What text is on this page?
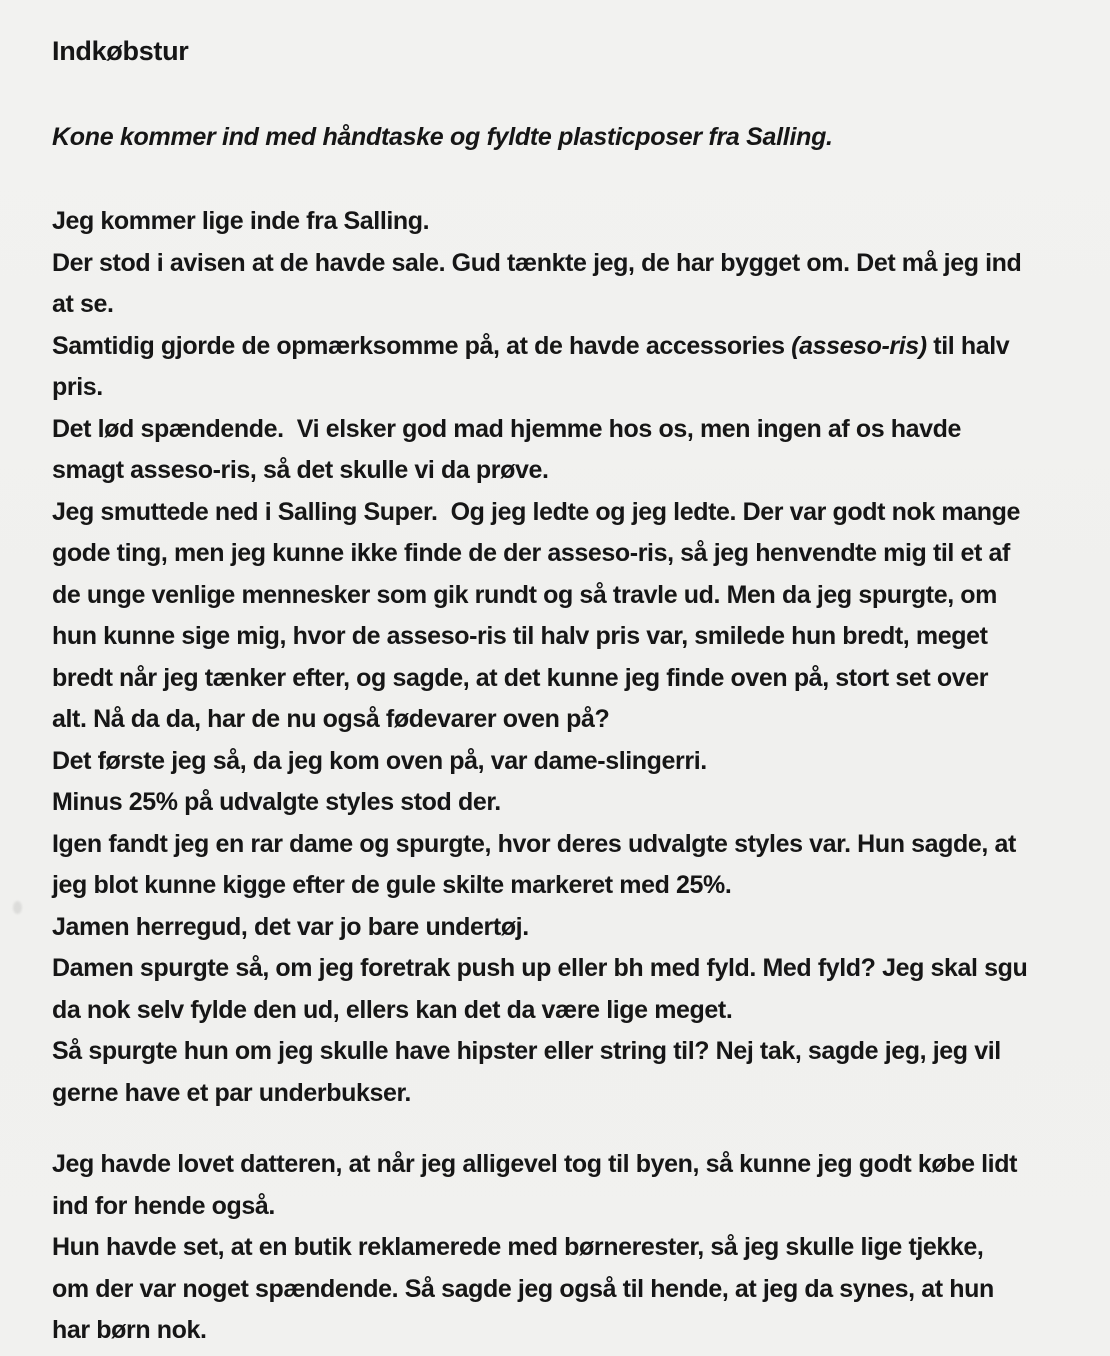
Indkøbstur
Kone kommer ind med håndtaske og fyldte plasticposer fra Salling.
Jeg kommer lige inde fra Salling.
Der stod i avisen at de havde sale. Gud tænkte jeg, de har bygget om. Det må jeg ind
at se.
Samtidig gjorde de opmærksomme på, at de havde accessories (asseso-ris) til halv
pris.
Det lød spændende.  Vi elsker god mad hjemme hos os, men ingen af os havde
smagt asseso-ris, så det skulle vi da prøve.
Jeg smuttede ned i Salling Super.  Og jeg ledte og jeg ledte. Der var godt nok mange
gode ting, men jeg kunne ikke finde de der asseso-ris, så jeg henvendte mig til et af
de unge venlige mennesker som gik rundt og så travle ud. Men da jeg spurgte, om
hun kunne sige mig, hvor de asseso-ris til halv pris var, smilede hun bredt, meget
bredt når jeg tænker efter, og sagde, at det kunne jeg finde oven på, stort set over
alt. Nå da da, har de nu også fødevarer oven på?
Det første jeg så, da jeg kom oven på, var dame-slingerri.
Minus 25% på udvalgte styles stod der.
Igen fandt jeg en rar dame og spurgte, hvor deres udvalgte styles var. Hun sagde, at
jeg blot kunne kigge efter de gule skilte markeret med 25%.
Jamen herregud, det var jo bare undertøj.
Damen spurgte så, om jeg foretrak push up eller bh med fyld. Med fyld? Jeg skal sgu
da nok selv fylde den ud, ellers kan det da være lige meget.
Så spurgte hun om jeg skulle have hipster eller string til? Nej tak, sagde jeg, jeg vil
gerne have et par underbukser.
Jeg havde lovet datteren, at når jeg alligevel tog til byen, så kunne jeg godt købe lidt
ind for hende også.
Hun havde set, at en butik reklamerede med børnerester, så jeg skulle lige tjekke,
om der var noget spændende. Så sagde jeg også til hende, at jeg da synes, at hun
har børn nok.
